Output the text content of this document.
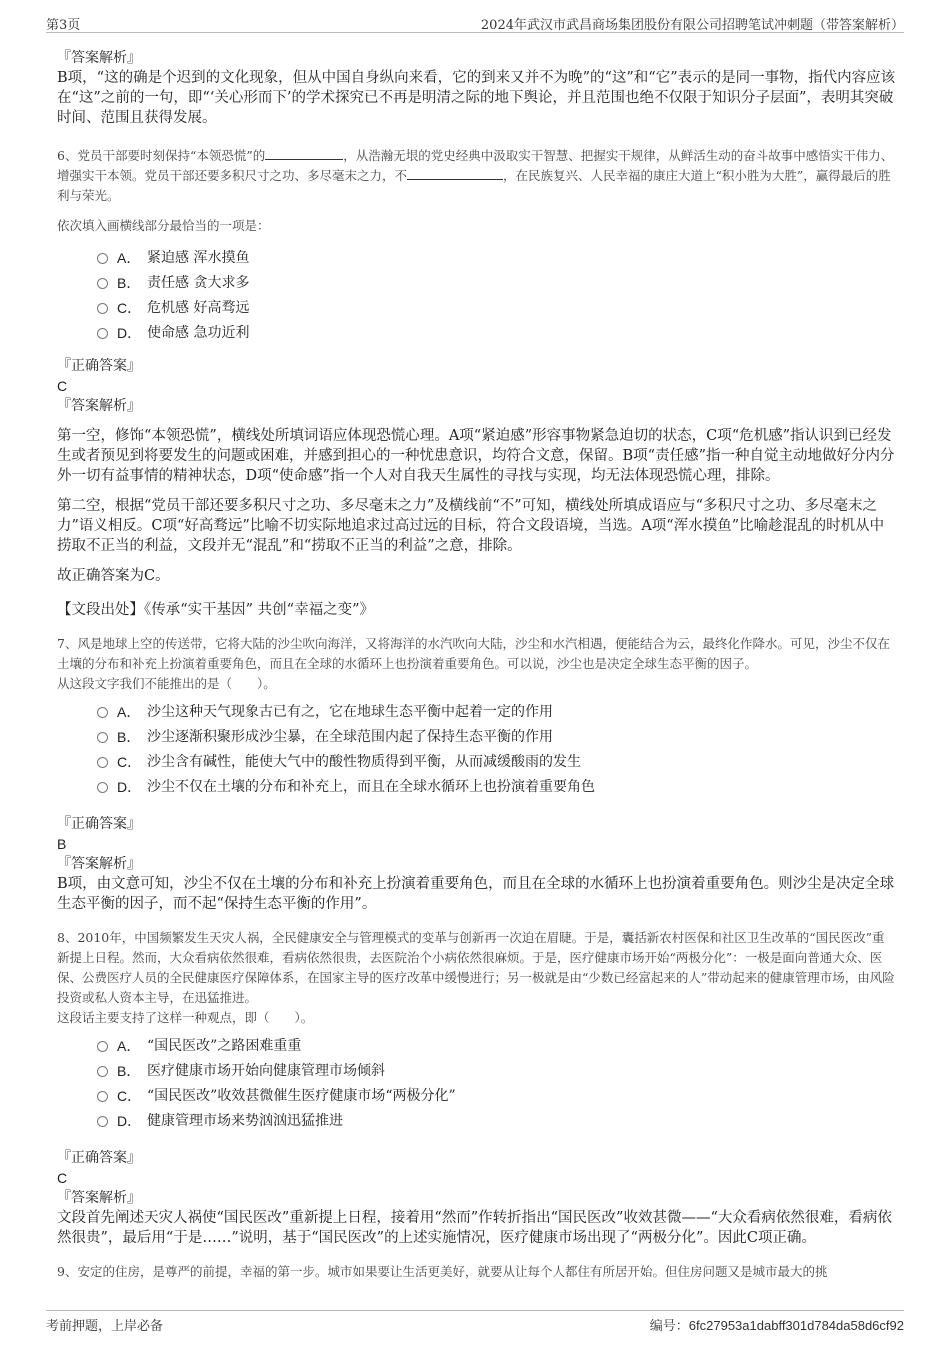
第3页	2024年武汉市武昌商场集团股份有限公司招聘笔试冲刺题（带答案解析）
『答案解析』

B项，“这的确是个迟到的文化现象，但从中国自身纵向来看，它的到来又并不为晚”的“这”和“它”表示的是同一事物，指代内容应该在“这”之前的一句，即“‘关心形而下’的学术探究已不再是明清之际的地下舆论，并且范围也绝不仅限于知识分子层面”，表明其突破时间、范围且获得发展。

6、党员干部要时刻保持“本领恐慌”的	，从浩瀚无垠的党史经典中汲取实干智慧、把握实干规律，从鲜活生动的奋斗故事中感悟实干伟力、增强实干本领。党员干部还要多积尺寸之功、多尽毫末之力，不	，在民族复兴、人民幸福的康庄大道上“积小胜为大胜”，赢得最后的胜利与荣光。

依次填入画横线部分最恰当的一项是：

A． 紧迫感 浑水摸鱼
B． 责任感 贪大求多
C． 危机感 好高骛远
D． 使命感 急功近利
『正确答案』
C
『答案解析』

第一空，修饰“本领恐慌”，横线处所填词语应体现恐慌心理。A项“紧迫感”形容事物紧急迫切的状态，C项“危机感”指认识到已经发生或者预见到将要发生的问题或困难，并感到担心的一种忧患意识，均符合文意，保留。B项“责任感”指一种自觉主动地做好分内分外一切有益事情的精神状态，D项“使命感”指一个人对自我天生属性的寻找与实现，均无法体现恐慌心理，排除。

第二空，根据“党员干部还要多积尺寸之功、多尽毫末之力”及横线前“不”可知，横线处所填成语应与“多积尺寸之功、多尽毫末之力”语义相反。C项“好高骛远”比喻不切实际地追求过高过远的目标，符合文段语境，当选。A项“浑水摸鱼”比喻趁混乱的时机从中捞取不正当的利益，文段并无“混乱”和“捞取不正当的利益”之意，排除。

故正确答案为C。

【文段出处】《传承“实干基因” 共创“幸福之变”》

7、风是地球上空的传送带，它将大陆的沙尘吹向海洋，又将海洋的水汽吹向大陆，沙尘和水汽相遇，便能结合为云，最终化作降水。可见，沙尘不仅在土壤的分布和补充上扮演着重要角色，而且在全球的水循环上也扮演着重要角色。可以说，沙尘也是决定全球生态平衡的因子。

从这段文字我们不能推出的是（　　）。

A． 沙尘这种天气现象古已有之，它在地球生态平衡中起着一定的作用
B． 沙尘逐渐积聚形成沙尘暴，在全球范围内起了保持生态平衡的作用
C． 沙尘含有碱性，能使大气中的酸性物质得到平衡，从而减缓酸雨的发生
D． 沙尘不仅在土壤的分布和补充上，而且在全球水循环上也扮演着重要角色
『正确答案』
B
『答案解析』

B项，由文意可知，沙尘不仅在土壤的分布和补充上扮演着重要角色，而且在全球的水循环上也扮演着重要角色。则沙尘是决定全球生态平衡的因子，而不起“保持生态平衡的作用”。

8、2010年，中国频繁发生天灾人祸，全民健康安全与管理模式的变革与创新再一次迫在眉睫。于是，囊括新农村医保和社区卫生改革的“国民医改”重新提上日程。然而，大众看病依然很难，看病依然很贵，去医院治个小病依然很麻烦。于是，医疗健康市场开始“两极分化”：一极是面向普通大众、医保、公费医疗人员的全民健康医疗保障体系，在国家主导的医疗改革中缓慢进行；另一极就是由“少数已经富起来的人”带动起来的健康管理市场，由风险投资或私人资本主导，在迅猛推进。

这段话主要支持了这样一种观点，即（　　）。

A． “国民医改”之路困难重重
B． 医疗健康市场开始向健康管理市场倾斜
C． “国民医改”收效甚微催生医疗健康市场“两极分化”
D． 健康管理市场来势汹汹迅猛推进
『正确答案』
C
『答案解析』

文段首先阐述天灾人祸使“国民医改”重新提上日程，接着用“然而”作转折指出“国民医改”收效甚微——“大众看病依然很难，看病依然很贵”，最后用“于是……”说明，基于“国民医改”的上述实施情况，医疗健康市场出现了“两极分化”。因此C项正确。

9、安定的住房，是尊严的前提，幸福的第一步。城市如果要让生活更美好，就要从让每个人都住有所居开始。但住房问题又是城市最大的挑

考前押题，上岸必备	编号：6fc27953a1dabff301d784da58d6cf92
